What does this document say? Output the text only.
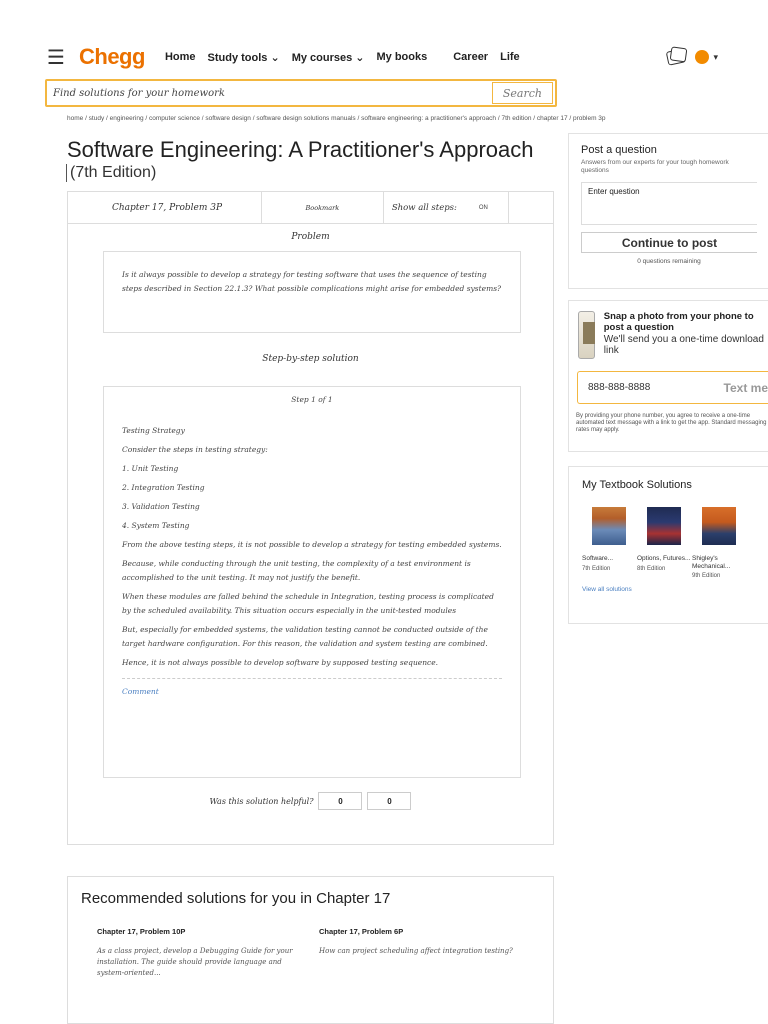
☰ Chegg Home Study tools ⌄ My courses ⌄ My books Career Life	▾
Find solutions for your homework
Search
home / study / engineering / computer science / software design / software design solutions manuals / software engineering: a practitioner's approach / 7th edition / chapter 17 / problem 3p
Software Engineering: A Practitioner's Approach
(7th Edition)
Chapter 17, Problem 3P	Bookmark	Show all steps:	ON
Problem
Is it always possible to develop a strategy for testing software that uses the sequence of testing steps described in Section 22.1.3? What possible complications might arise for embedded systems?
Step-by-step solution
Step 1 of 1

Testing Strategy

Consider the steps in testing strategy:

1. Unit Testing

2. Integration Testing

3. Validation Testing

4. System Testing

From the above testing steps, it is not possible to develop a strategy for testing embedded systems.

Because, while conducting through the unit testing, the complexity of a test environment is accomplished to the unit testing. It may not justify the benefit.

When these modules are falled behind the schedule in Integration, testing process is complicated by the scheduled availability. This situation occurs especially in the unit-tested modules

But, especially for embedded systems, the validation testing cannot be conducted outside of the target hardware configuration. For this reason, the validation and system testing are combined.

Hence, it is not always possible to develop software by supposed testing sequence.

Comment
Was this solution helpful?	0	0
Recommended solutions for you in Chapter 17
Chapter 17, Problem 10P

As a class project, develop a Debugging Guide for your installation. The guide should provide language and system-oriented...

Chapter 17, Problem 6P

How can project scheduling affect integration testing?

Post a question
Answers from our experts for your tough homework questions
Enter question
Continue to post
0 questions remaining
Snap a photo from your phone to post a question
We'll send you a one-time download link
888-888-8888	Text me
By providing your phone number, you agree to receive a one-time automated text message with a link to get the app. Standard messaging rates may apply.
My Textbook Solutions
Software...
7th Edition
Options, Futures...
8th Edition
Shigley's Mechanical...
9th Edition
View all solutions
